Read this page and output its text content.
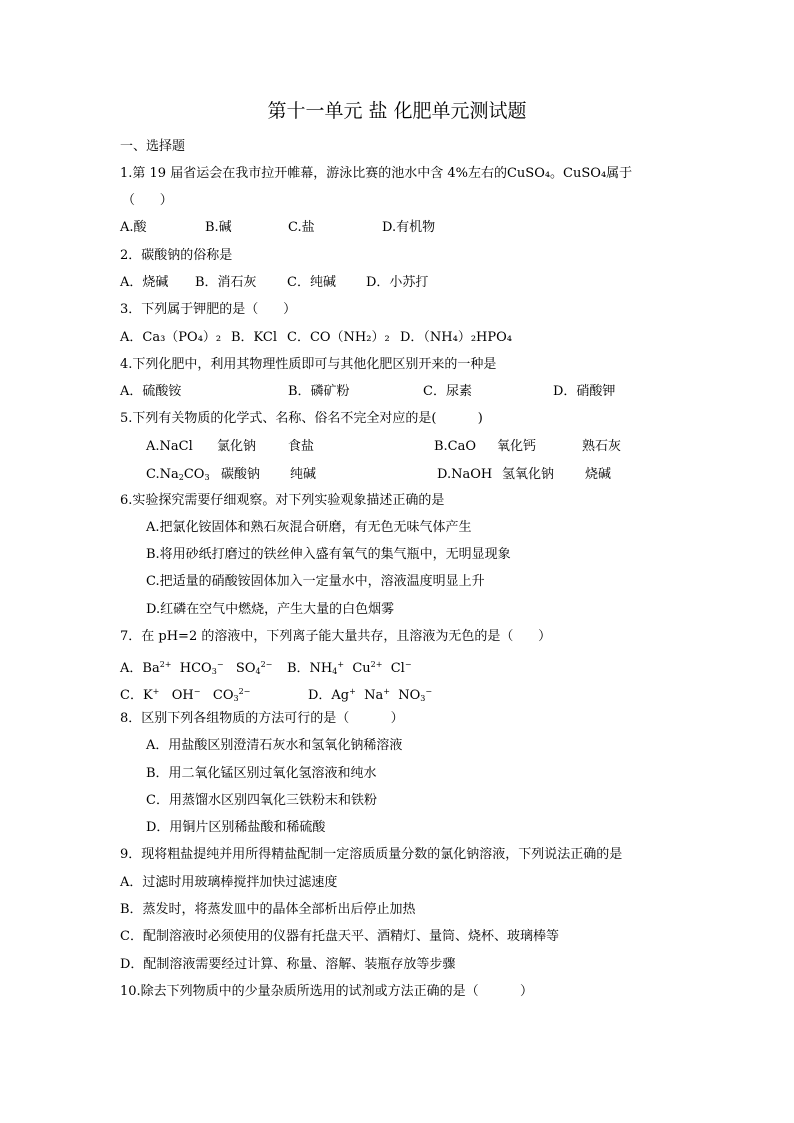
第十一单元 盐 化肥单元测试题
一、选择题
1.第 19 届省运会在我市拉开帷幕，游泳比赛的池水中含 4%左右的CuSO₄。CuSO₄属于
（      ）
A.酸	B.碱	C.盐	D.有机物
2．碳酸钠的俗称是
A．烧碱 B．消石灰 C．纯碱 D．小苏打
3．下列属于钾肥的是（      ）
A．Ca₃（PO₄）₂ B．KCl C．CO（NH₂）₂ D．（NH₄）₂HPO₄
4.下列化肥中，利用其物理性质即可与其他化肥区别开来的一种是
A．硫酸铵	B．磷矿粉	C．尿素	D．硝酸钾
5.下列有关物质的化学式、名称、俗名不完全对应的是(          )
A.NaCl 氯化钠 食盐	B.CaO 氧化钙	熟石灰
$C.Na_2CO_3$ 碳酸钠 纯碱	D.NaOH 氢氧化钠 烧碱
6.实验探究需要仔细观察。对下列实验观象描述正确的是
A.把氯化铵固体和熟石灰混合研磨，有无色无味气体产生
B.将用砂纸打磨过的铁丝伸入盛有氧气的集气瓶中，无明显现象
C.把适量的硝酸铵固体加入一定量水中，溶液温度明显上升
D.红磷在空气中燃烧，产生大量的白色烟雾
7．在 pH=2 的溶液中，下列离子能大量共存，且溶液为无色的是（      ）
A．$Ba^{2+}$  $HCO_3^-$   $SO_4^{2-}$ B．$NH_4^+$  $Cu^{2+}$  Cl−
C．K+   OH−   $CO_3^{2-}$	D．Ag+  Na+  $NO_3^-$
8．区别下列各组物质的方法可行的是（          ）
A．用盐酸区别澄清石灰水和氢氧化钠稀溶液
B．用二氧化锰区别过氧化氢溶液和纯水
C．用蒸馏水区别四氧化三铁粉末和铁粉
D．用铜片区别稀盐酸和稀硫酸
9．现将粗盐提纯并用所得精盐配制一定溶质质量分数的氯化钠溶液，下列说法正确的是
A．过滤时用玻璃棒搅拌加快过滤速度
B．蒸发时，将蒸发皿中的晶体全部析出后停止加热
C．配制溶液时必须使用的仪器有托盘天平、酒精灯、量筒、烧杯、玻璃棒等
D．配制溶液需要经过计算、称量、溶解、装瓶存放等步骤
10.除去下列物质中的少量杂质所选用的试剂或方法正确的是（          ）
